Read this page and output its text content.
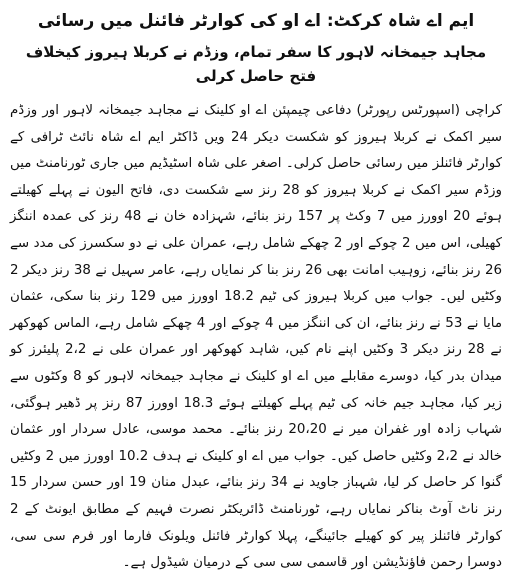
ایم اے شاہ کرکٹ: اے او کی کوارٹر فائنل میں رسائی
مجاہد جیمخانہ لاہور کا سفر تمام، وزڈم نے کربلا ہیروز کیخلاف فتح حاصل کرلی

کراچی (اسپورٹس رپورٹر) دفاعی چیمپئن اے او کلینک نے مجاہد جیمخانہ لاہور اور وزڈم سیر اکمک نے کربلا ہیروز کو شکست دیکر 24 ویں ڈاکٹر ایم اے شاہ نائٹ ٹرافی کے کوارٹر فائنلز میں رسائی حاصل کرلی۔ اصغر علی شاہ اسٹیڈیم میں جاری ٹورنامنٹ میں وزڈم سیر اکمک نے کربلا ہیروز کو 28 رنز سے شکست دی، فاتح الیون نے پہلے کھیلتے ہوئے 20 اوورز میں 7 وکٹ پر 157 رنز بنائے، شہزادہ خان نے 48 رنز کی عمدہ اننگز کھیلی، اس میں 2 چوکے اور 2 چھکے شامل رہے، عمران علی نے دو سکسرز کی مدد سے 26 رنز بنائے، زوہیب امانت بھی 26 رنز بنا کر نمایاں رہے، عامر سہیل نے 38 رنز دیکر 2 وکٹیں لیں۔ جواب میں کربلا ہیروز کی ٹیم 18.2 اوورز میں 129 رنز بنا سکی، عثمان مایا نے 53 نے رنز بنائے، ان کی اننگز میں 4 چوکے اور 4 چھکے شامل رہے، الماس کھوکھر نے 28 رنز دیکر 3 وکٹیں اپنے نام کیں، شاہد کھوکھر اور عمران علی نے 2،2 پلیئرز کو میدان بدر کیا، دوسرے مقابلے میں اے او کلینک نے مجاہد جیمخانہ لاہور کو 8 وکٹوں سے زیر کیا، مجاہد جیم خانہ کی ٹیم پہلے کھیلتے ہوئے 18.3 اوورز 87 رنز پر ڈھیر ہوگئی، شہاب زادہ اور غفران میر نے 20،20 رنز بنائے۔ محمد موسی، عادل سردار اور عثمان خالد نے 2،2 وکٹیں حاصل کیں۔ جواب میں اے او کلینک نے ہدف 10.2 اوورز میں 2 وکٹیں گنوا کر حاصل کر لیا، شہباز جاوید نے 34 رنز بنائے، عبدل منان 19 اور حسن سردار 15 رنز ناٹ آوٹ بناکر نمایاں رہے، ٹورنامنٹ ڈائریکٹر نصرت فہیم کے مطابق ایونٹ کے 2 کوارٹر فائنلز پیر کو کھیلے جائینگے، پہلا کوارٹر فائنل ویلونک فارما اور فرم سی سی، دوسرا رحمن فاؤنڈیشن اور قاسمی سی سی کے درمیان شیڈول ہے۔
